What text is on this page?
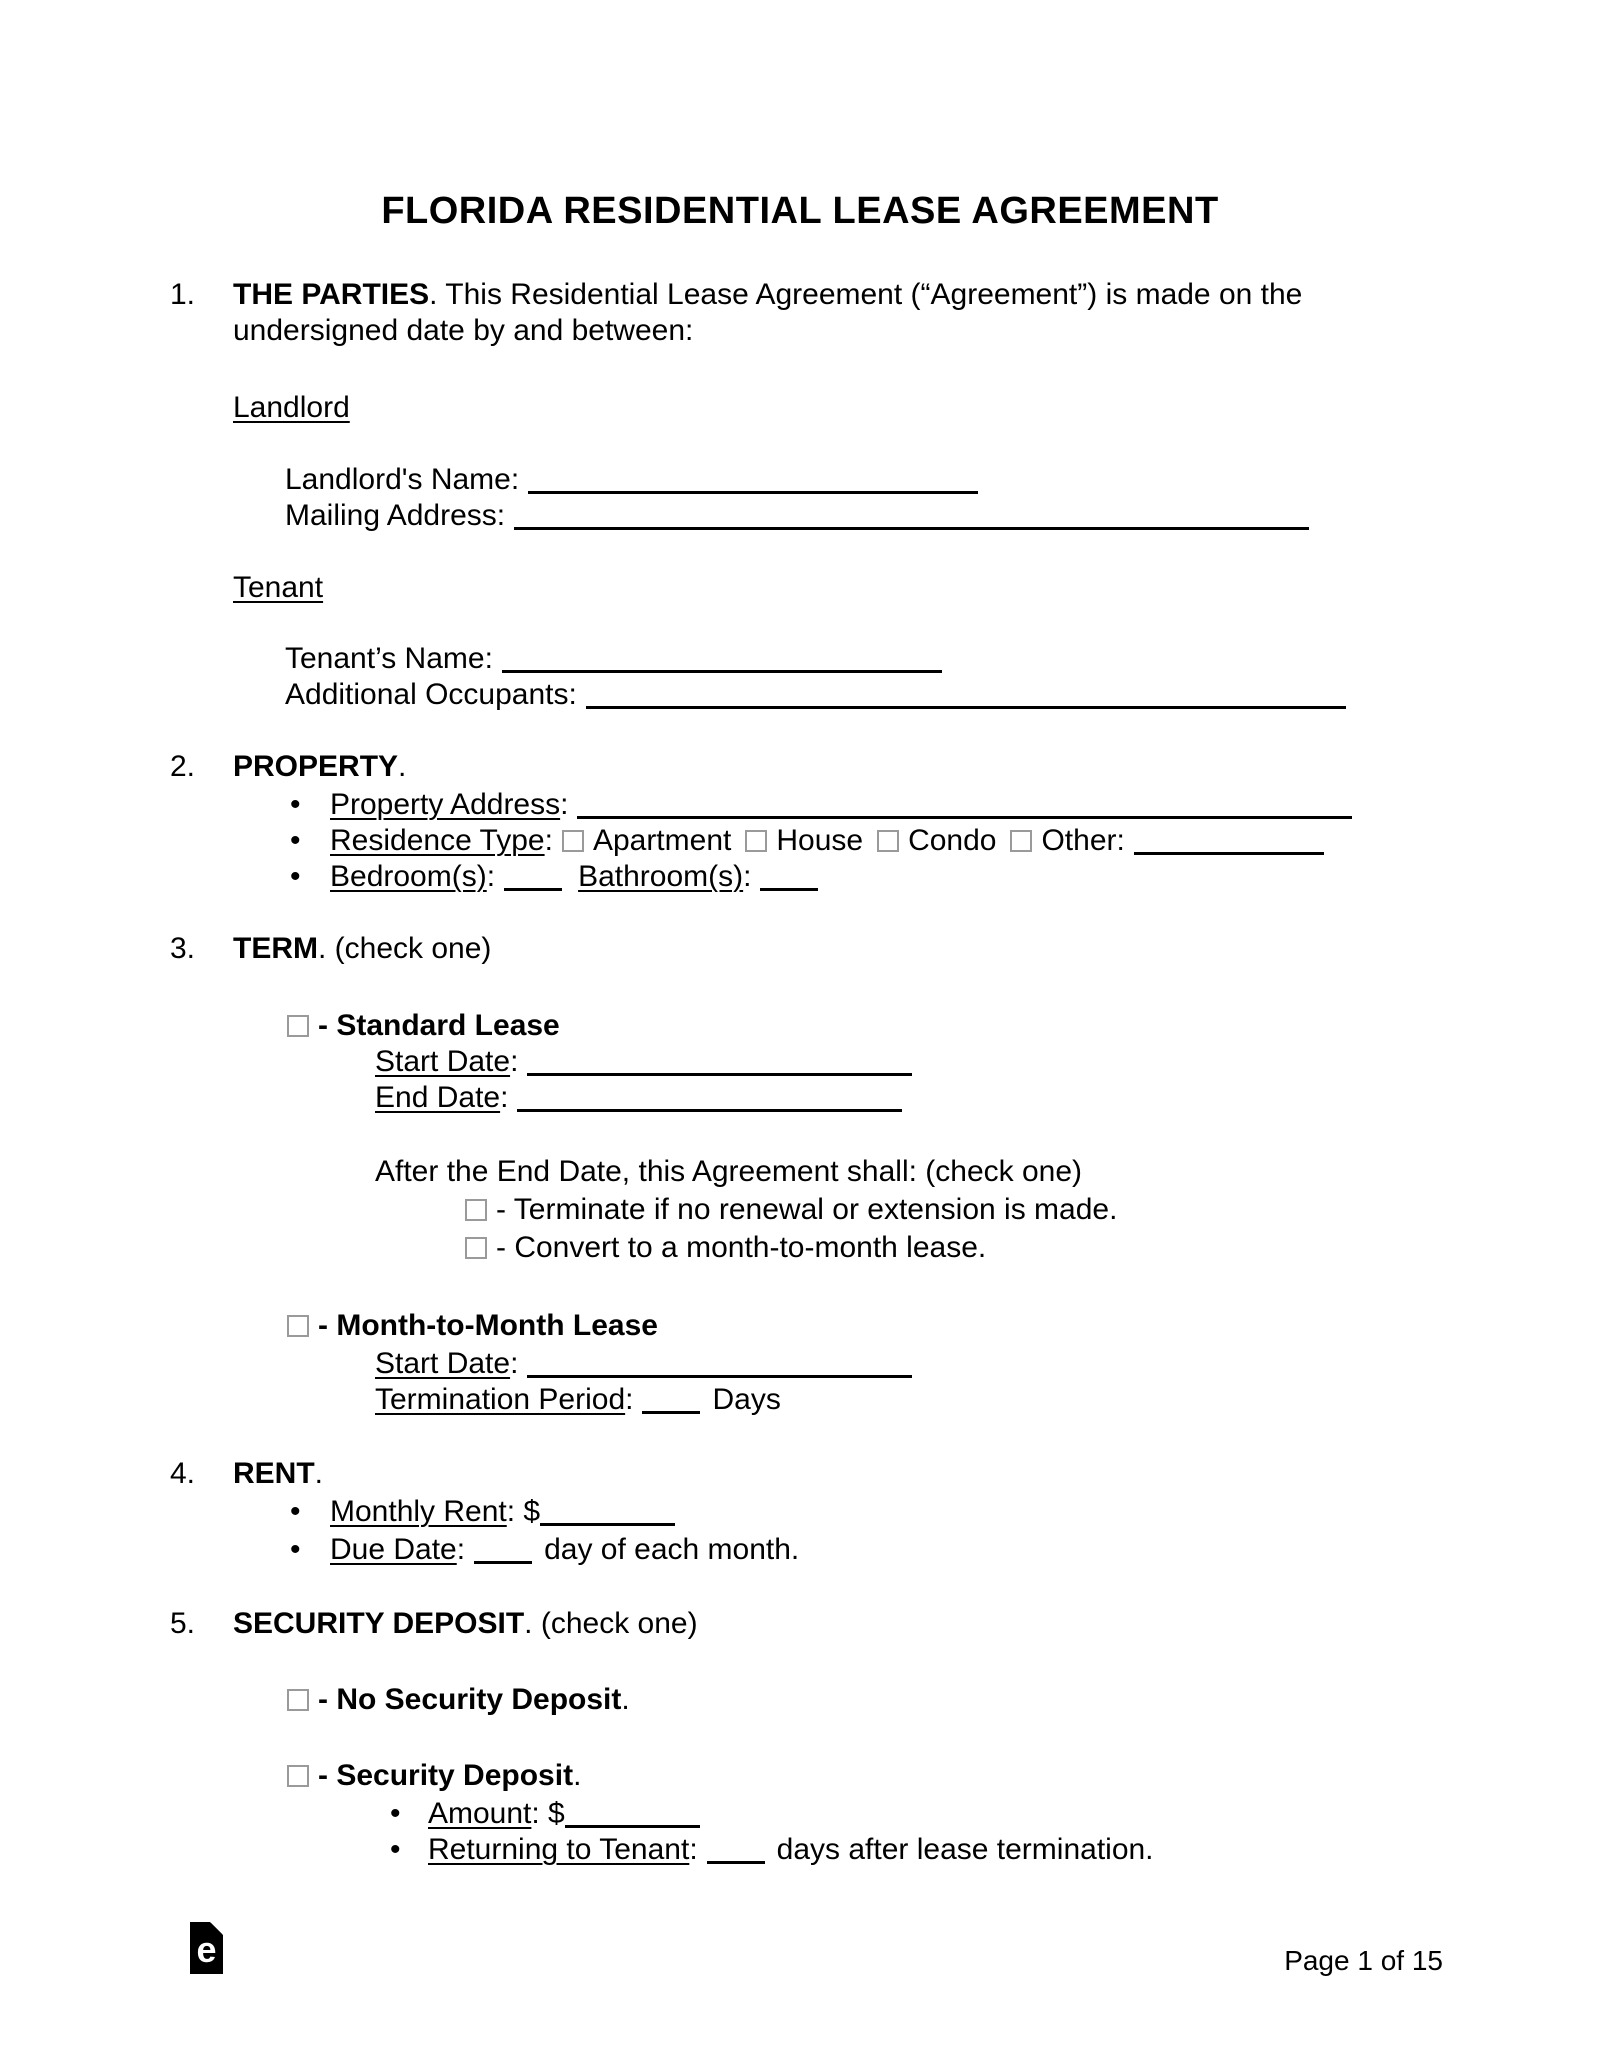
FLORIDA RESIDENTIAL LEASE AGREEMENT
1.	THE PARTIES. This Residential Lease Agreement (“Agreement”) is made on the
undersigned date by and between:
Landlord
Landlord's Name :
Mailing Address :
Tenant
Tenant’s Name :
Additional Occupants :
2.	PROPERTY .
• Property Address :
• Residence Type : Apartment House Condo Other :
• Bedroom(s) :	Bathroom(s) :
3.	TERM . (check one)
- Standard Lease
Start Date :
End Date :
After the End Date, this Agreement shall: (check one)
- Terminate if no renewal or extension is made.
- Convert to a month-to-month lease.
- Month-to-Month Lease
Start Date :
Termination Period :	Days
4.	RENT .
• Monthly Rent : $
• Due Date :	day of each month.
5.	SECURITY DEPOSIT . (check one)
- No Security Deposit .
- Security Deposit .
• Amount : $
• Returning to Tenant :	days after lease termination.
e	Page 1 of 15
